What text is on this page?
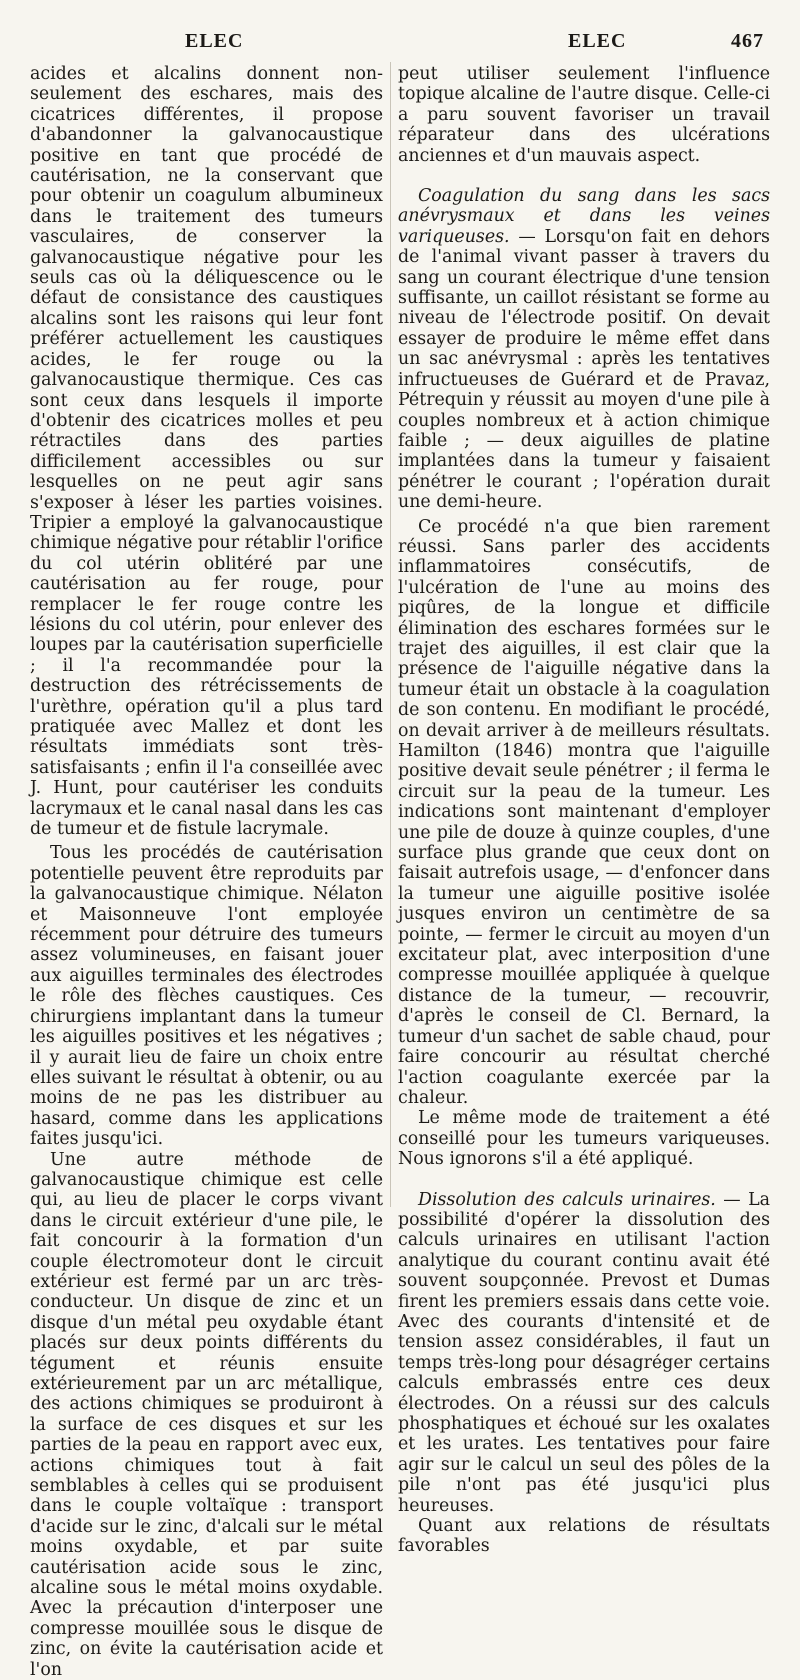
ELEC	ELEC	467

acides et alcalins donnent non-seulement des eschares, mais des cicatrices différentes, il propose d'abandonner la galvanocaustique positive en tant que procédé de cautérisation, ne la conservant que pour obtenir un coagulum albumineux dans le traitement des tumeurs vasculaires, de conserver la galvanocaustique négative pour les seuls cas où la déliquescence ou le défaut de consistance des caustiques alcalins sont les raisons qui leur font préférer actuellement les caustiques acides, le fer rouge ou la galvanocaustique thermique. Ces cas sont ceux dans lesquels il importe d'obtenir des cicatrices molles et peu rétractiles dans des parties difficilement accessibles ou sur lesquelles on ne peut agir sans s'exposer à léser les parties voisines. Tripier a employé la galvanocaustique chimique négative pour rétablir l'orifice du col utérin oblitéré par une cautérisation au fer rouge, pour remplacer le fer rouge contre les lésions du col utérin, pour enlever des loupes par la cautérisation superficielle ; il l'a recommandée pour la destruction des rétrécissements de l'urèthre, opération qu'il a plus tard pratiquée avec Mallez et dont les résultats immédiats sont très-satisfaisants ; enfin il l'a conseillée avec J. Hunt, pour cautériser les conduits lacrymaux et le canal nasal dans les cas de tumeur et de fistule lacrymale.

Tous les procédés de cautérisation potentielle peuvent être reproduits par la galvanocaustique chimique. Nélaton et Maisonneuve l'ont employée récemment pour détruire des tumeurs assez volumineuses, en faisant jouer aux aiguilles terminales des électrodes le rôle des flèches caustiques. Ces chirurgiens implantant dans la tumeur les aiguilles positives et les négatives ; il y aurait lieu de faire un choix entre elles suivant le résultat à obtenir, ou au moins de ne pas les distribuer au hasard, comme dans les applications faites jusqu'ici.

Une autre méthode de galvanocaustique chimique est celle qui, au lieu de placer le corps vivant dans le circuit extérieur d'une pile, le fait concourir à la formation d'un couple électromoteur dont le circuit extérieur est fermé par un arc très-conducteur. Un disque de zinc et un disque d'un métal peu oxydable étant placés sur deux points différents du tégument et réunis ensuite extérieurement par un arc métallique, des actions chimiques se produiront à la surface de ces disques et sur les parties de la peau en rapport avec eux, actions chimiques tout à fait semblables à celles qui se produisent dans le couple voltaïque : transport d'acide sur le zinc, d'alcali sur le métal moins oxydable, et par suite cautérisation acide sous le zinc, alcaline sous le métal moins oxydable. Avec la précaution d'interposer une compresse mouillée sous le disque de zinc, on évite la cautérisation acide et l'on

peut utiliser seulement l'influence topique alcaline de l'autre disque. Celle-ci a paru souvent favoriser un travail réparateur dans des ulcérations anciennes et d'un mauvais aspect.

Coagulation du sang dans les sacs anévrysmaux et dans les veines variqueuses. — Lorsqu'on fait en dehors de l'animal vivant passer à travers du sang un courant électrique d'une tension suffisante, un caillot résistant se forme au niveau de l'électrode positif. On devait essayer de produire le même effet dans un sac anévrysmal : après les tentatives infructueuses de Guérard et de Pravaz, Pétrequin y réussit au moyen d'une pile à couples nombreux et à action chimique faible ; — deux aiguilles de platine implantées dans la tumeur y faisaient pénétrer le courant ; l'opération durait une demi-heure.

Ce procédé n'a que bien rarement réussi. Sans parler des accidents inflammatoires consécutifs, de l'ulcération de l'une au moins des piqûres, de la longue et difficile élimination des eschares formées sur le trajet des aiguilles, il est clair que la présence de l'aiguille négative dans la tumeur était un obstacle à la coagulation de son contenu. En modifiant le procédé, on devait arriver à de meilleurs résultats. Hamilton (1846) montra que l'aiguille positive devait seule pénétrer ; il ferma le circuit sur la peau de la tumeur. Les indications sont maintenant d'employer une pile de douze à quinze couples, d'une surface plus grande que ceux dont on faisait autrefois usage, — d'enfoncer dans la tumeur une aiguille positive isolée jusques environ un centimètre de sa pointe, — fermer le circuit au moyen d'un excitateur plat, avec interposition d'une compresse mouillée appliquée à quelque distance de la tumeur, — recouvrir, d'après le conseil de Cl. Bernard, la tumeur d'un sachet de sable chaud, pour faire concourir au résultat cherché l'action coagulante exercée par la chaleur.

Le même mode de traitement a été conseillé pour les tumeurs variqueuses. Nous ignorons s'il a été appliqué.

Dissolution des calculs urinaires. — La possibilité d'opérer la dissolution des calculs urinaires en utilisant l'action analytique du courant continu avait été souvent soupçonnée. Prevost et Dumas firent les premiers essais dans cette voie. Avec des courants d'intensité et de tension assez considérables, il faut un temps très-long pour désagréger certains calculs embrassés entre ces deux électrodes. On a réussi sur des calculs phosphatiques et échoué sur les oxalates et les urates. Les tentatives pour faire agir sur le calcul un seul des pôles de la pile n'ont pas été jusqu'ici plus heureuses.

Quant aux relations de résultats favorables
